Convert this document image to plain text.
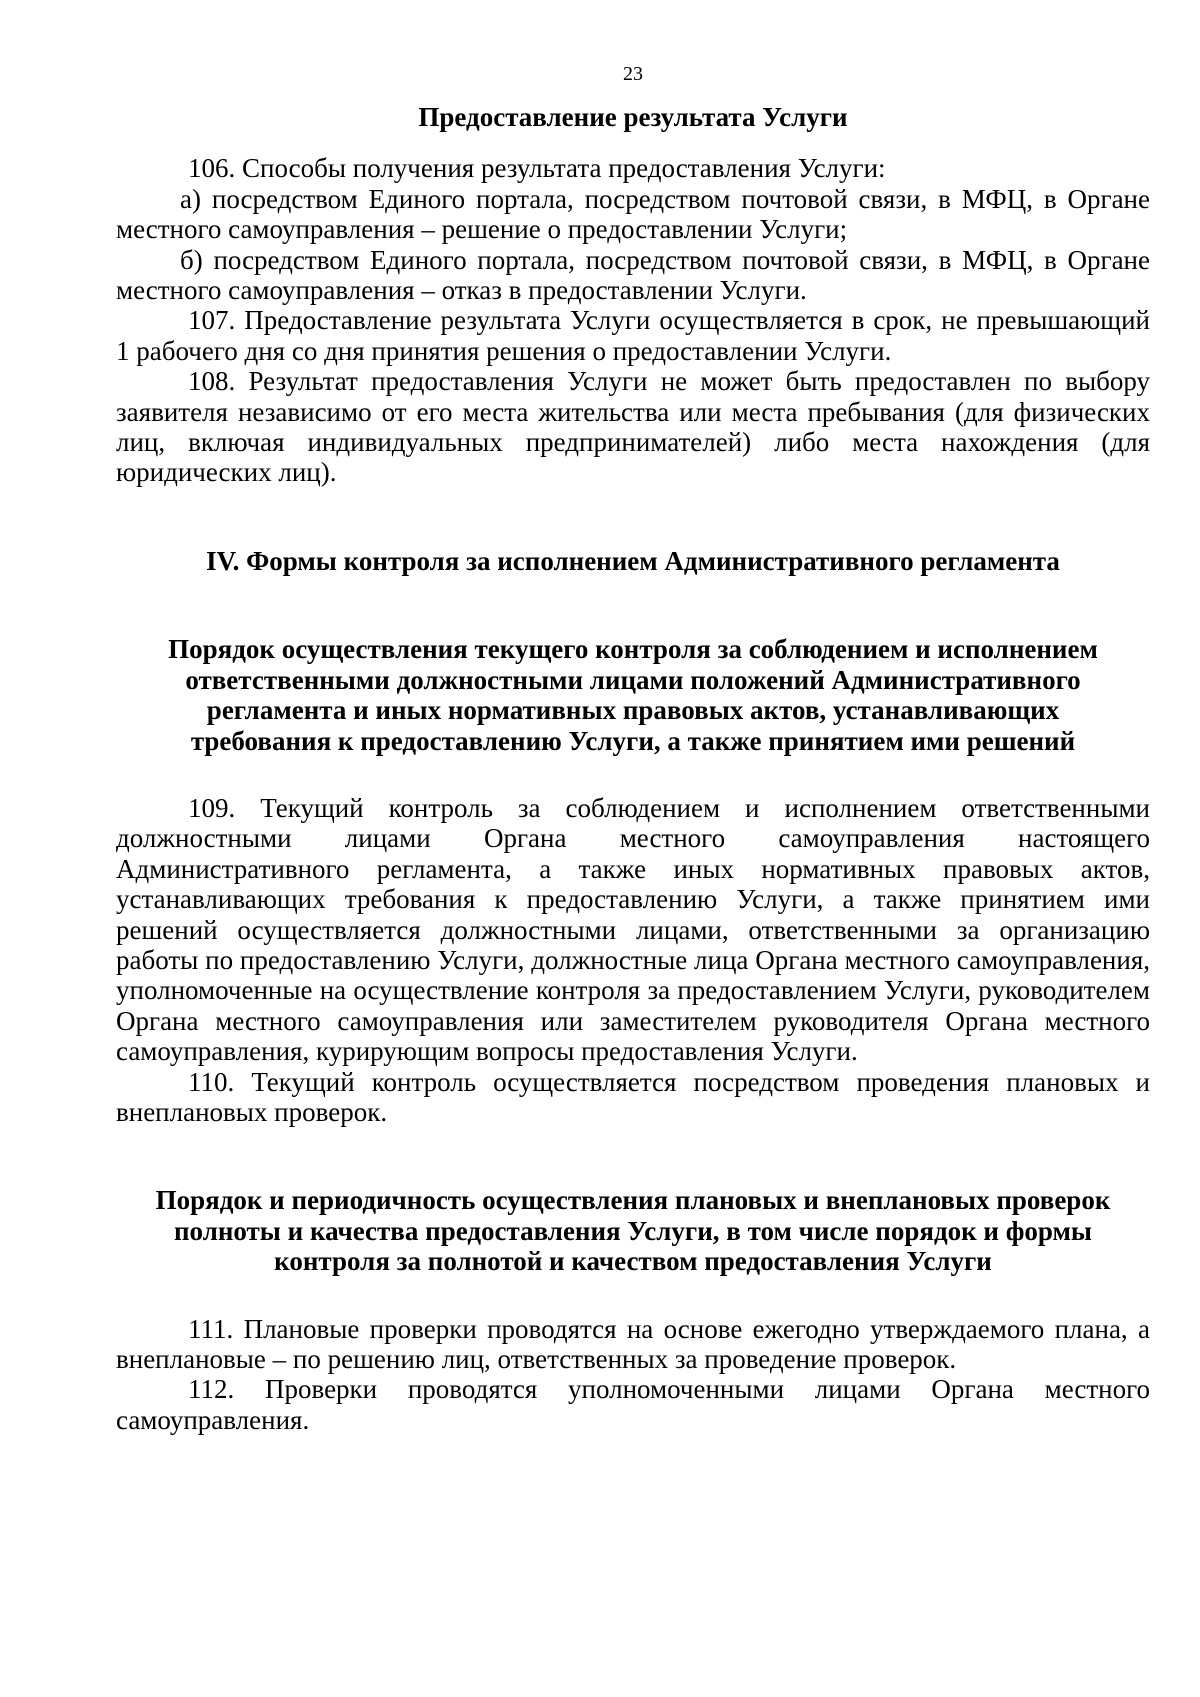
23
Предоставление результата Услуги

106. Способы получения результата предоставления Услуги:

а) посредством Единого портала, посредством почтовой связи, в МФЦ, в Органе местного самоуправления – решение о предоставлении Услуги;

б) посредством Единого портала, посредством почтовой связи, в МФЦ, в Органе местного самоуправления – отказ в предоставлении Услуги.

107. Предоставление результата Услуги осуществляется в срок, не превышающий 1 рабочего дня со дня принятия решения о предоставлении Услуги.

108. Результат предоставления Услуги не может быть предоставлен по выбору заявителя независимо от его места жительства или места пребывания (для физических лиц, включая индивидуальных предпринимателей) либо места нахождения (для юридических лиц).

IV. Формы контроля за исполнением Административного регламента
Порядок осуществления текущего контроля за соблюдением и исполнением
ответственными должностными лицами положений Административного
регламента и иных нормативных правовых актов, устанавливающих
требования к предоставлению Услуги, а также принятием ими решений

109. Текущий контроль за соблюдением и исполнением ответственными должностными лицами Органа местного самоуправления настоящего Административного регламента, а также иных нормативных правовых актов, устанавливающих требования к предоставлению Услуги, а также принятием ими решений осуществляется должностными лицами, ответственными за организацию работы по предоставлению Услуги, должностные лица Органа местного самоуправления, уполномоченные на осуществление контроля за предоставлением Услуги, руководителем Органа местного самоуправления или заместителем руководителя Органа местного самоуправления, курирующим вопросы предоставления Услуги.

110. Текущий контроль осуществляется посредством проведения плановых и внеплановых проверок.

Порядок и периодичность осуществления плановых и внеплановых проверок
полноты и качества предоставления Услуги, в том числе порядок и формы
контроля за полнотой и качеством предоставления Услуги

111. Плановые проверки проводятся на основе ежегодно утверждаемого плана, а внеплановые – по решению лиц, ответственных за проведение проверок.

112. Проверки проводятся уполномоченными лицами Органа местного самоуправления.
